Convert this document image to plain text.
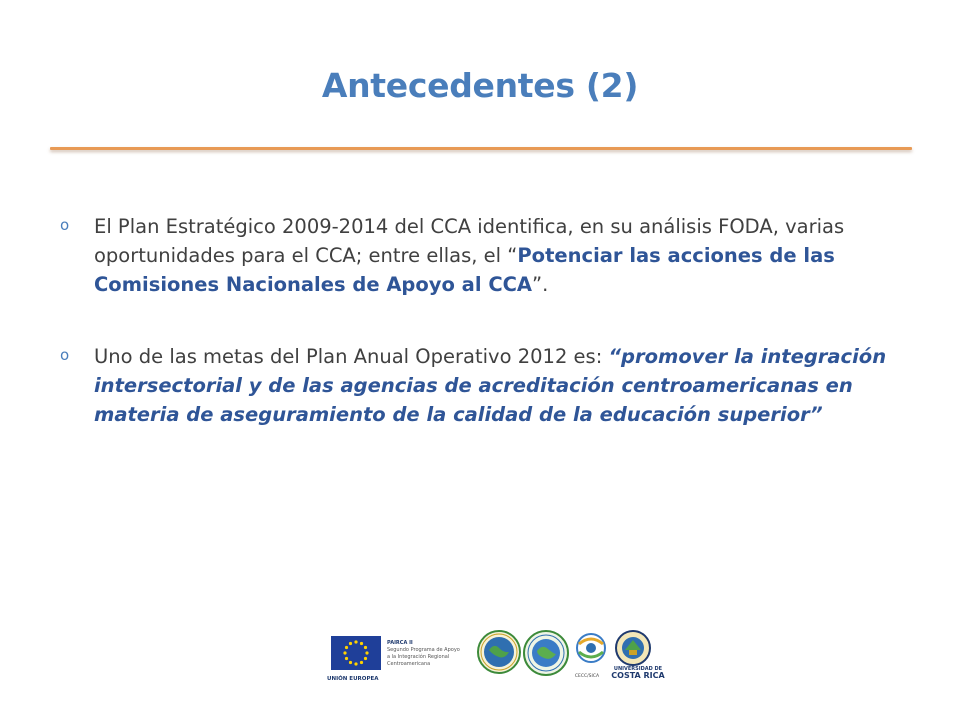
Antecedentes (2)
o El Plan Estratégico 2009-2014 del CCA identifica, en su análisis FODA, varias oportunidades para el CCA; entre ellas, el “Potenciar las acciones de las Comisiones Nacionales de Apoyo al CCA”.
o Uno de las metas del Plan Anual Operativo 2012 es: “promover la integración intersectorial y de las agencias de acreditación centroamericanas en materia de aseguramiento de la calidad de la educación superior”
UNIÓN EUROPEA
PAIRCA II
Segundo Programa de Apoyo
a la Integración Regional
Centroamericana
CECC/SICA
UNIVERSIDAD DE
COSTA RICA
